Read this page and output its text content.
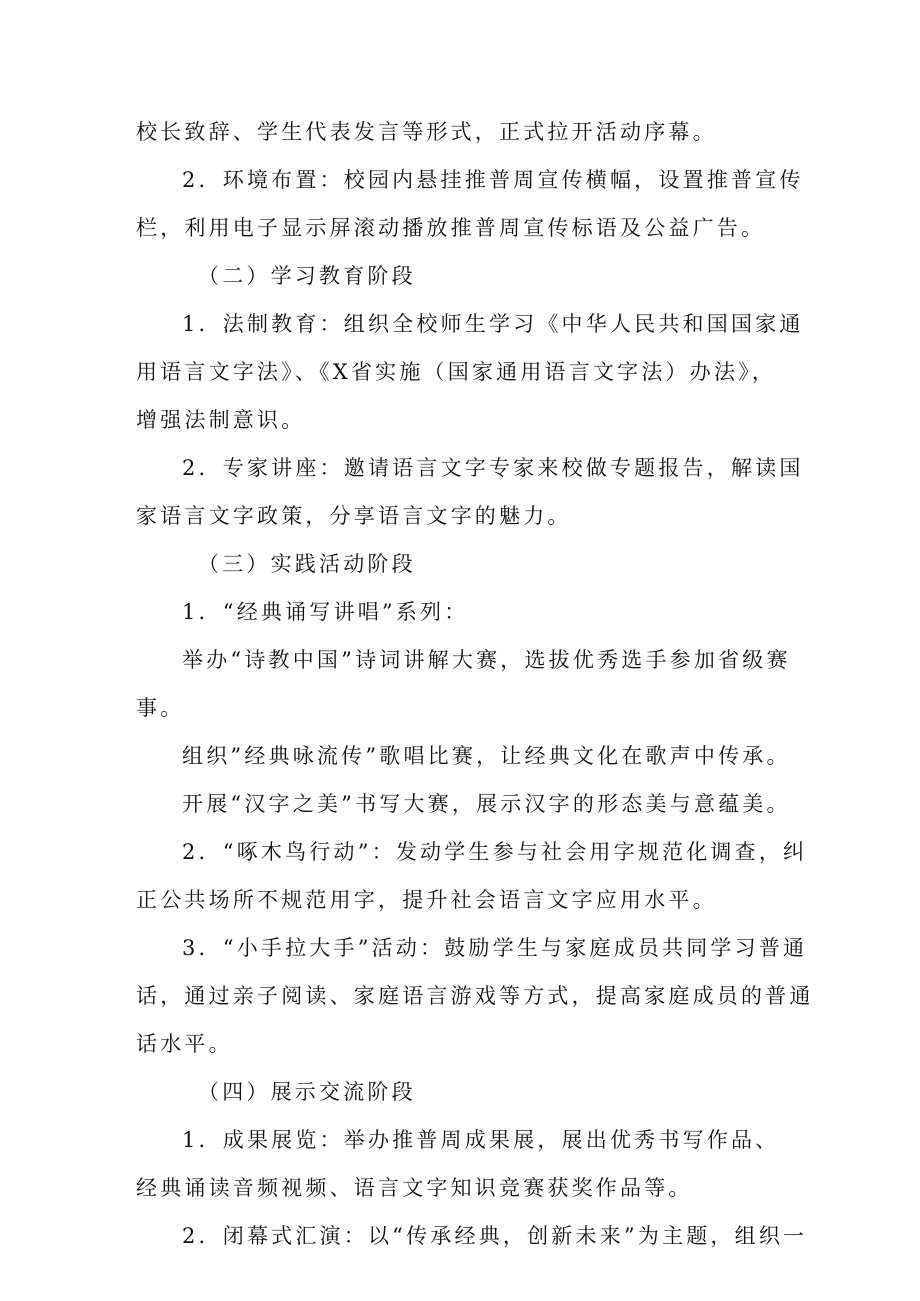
校长致辞、学生代表发言等形式，正式拉开活动序幕。
2．环境布置：校园内悬挂推普周宣传横幅，设置推普宣传
栏，利用电子显示屏滚动播放推普周宣传标语及公益广告。
（二）学习教育阶段
1．法制教育：组织全校师生学习《中华人民共和国国家通
用语言文字法》、《X省实施（国家通用语言文字法）办法》，
增强法制意识。
2．专家讲座：邀请语言文字专家来校做专题报告，解读国
家语言文字政策，分享语言文字的魅力。
（三）实践活动阶段
1．“经典诵写讲唱”系列：
举办“诗教中国”诗词讲解大赛，选拔优秀选手参加省级赛
事。
组织”经典咏流传”歌唱比赛，让经典文化在歌声中传承。
开展“汉字之美”书写大赛，展示汉字的形态美与意蕴美。
2．“啄木鸟行动”：发动学生参与社会用字规范化调查，纠
正公共场所不规范用字，提升社会语言文字应用水平。
3．“小手拉大手”活动：鼓励学生与家庭成员共同学习普通
话，通过亲子阅读、家庭语言游戏等方式，提高家庭成员的普通
话水平。
（四）展示交流阶段
1．成果展览：举办推普周成果展，展出优秀书写作品、
经典诵读音频视频、语言文字知识竞赛获奖作品等。
2．闭幕式汇演：以“传承经典，创新未来”为主题，组织一
